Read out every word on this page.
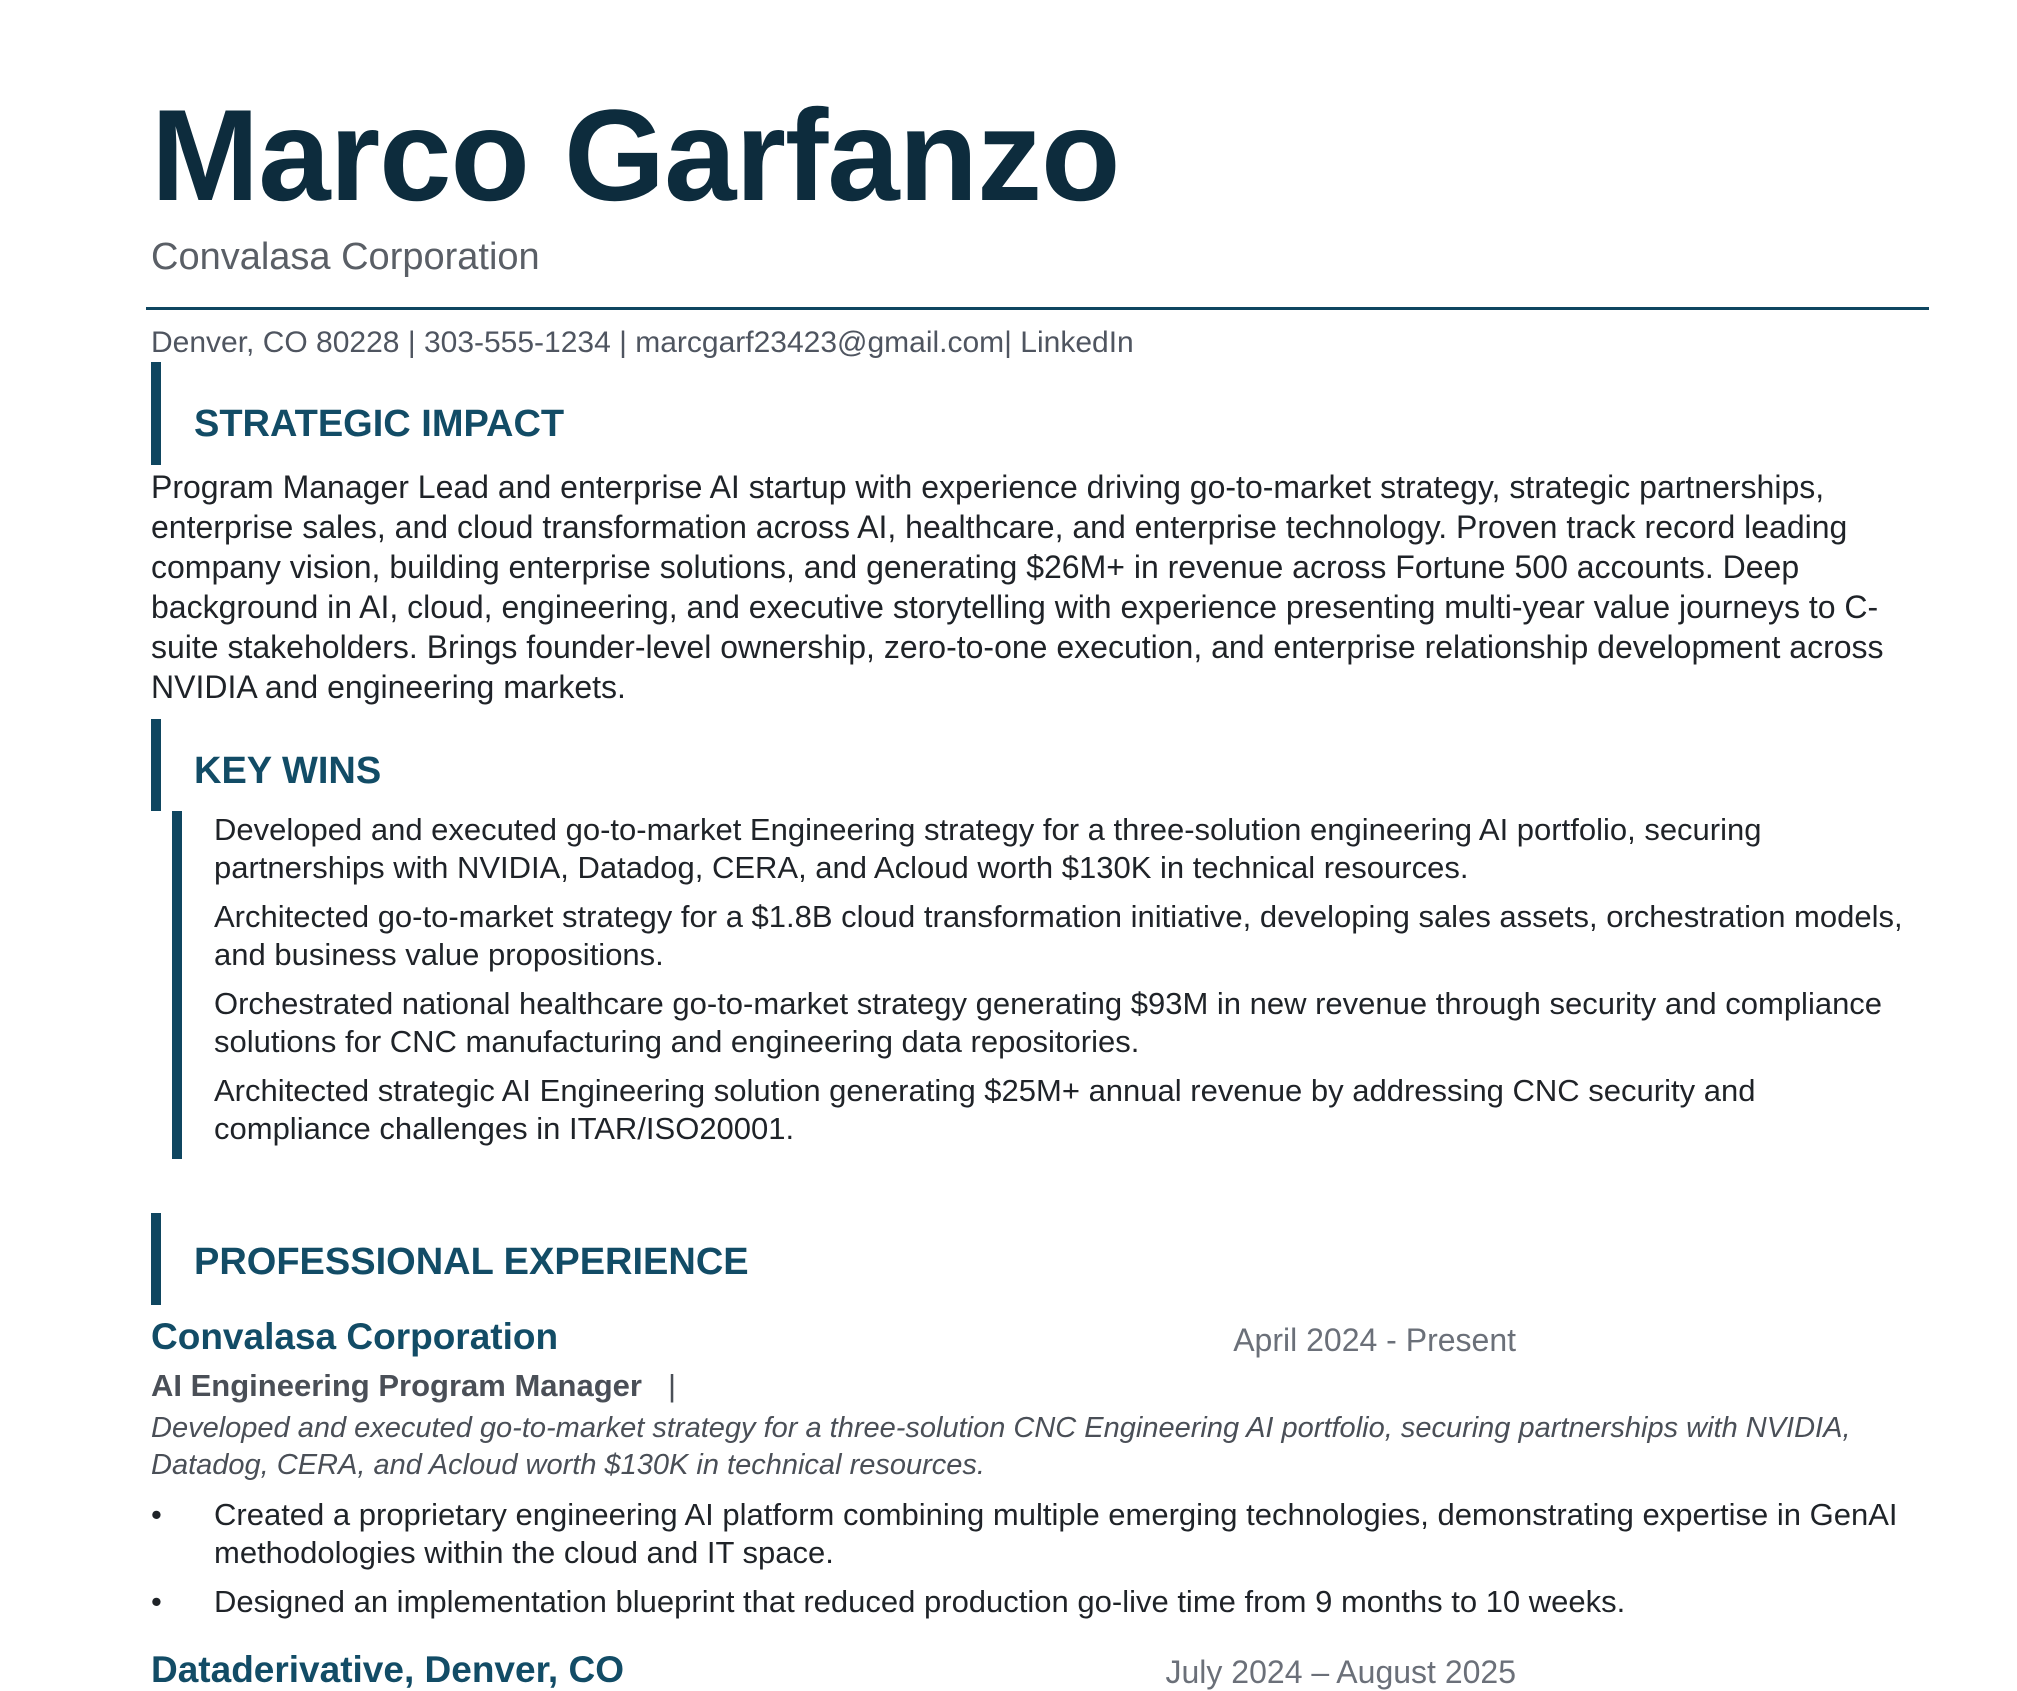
Marco Garfanzo
Convalasa Corporation
Denver, CO 80228 | 303-555-1234 | marcgarf23423@gmail.com| LinkedIn
STRATEGIC IMPACT

Program Manager Lead and enterprise AI startup with experience driving go-to-market strategy, strategic partnerships, enterprise sales, and cloud transformation across AI, healthcare, and enterprise technology. Proven track record leading company vision, building enterprise solutions, and generating $26M+ in revenue across Fortune 500 accounts. Deep background in AI, cloud, engineering, and executive storytelling with experience presenting multi-year value journeys to C-suite stakeholders. Brings founder-level ownership, zero-to-one execution, and enterprise relationship development across NVIDIA and engineering markets.

KEY WINS
Developed and executed go-to-market Engineering strategy for a three-solution engineering AI portfolio, securing partnerships with NVIDIA, Datadog, CERA, and Acloud worth $130K in technical resources.
Architected go-to-market strategy for a $1.8B cloud transformation initiative, developing sales assets, orchestration models, and business value propositions.
Orchestrated national healthcare go-to-market strategy generating $93M in new revenue through security and compliance solutions for CNC manufacturing and engineering data repositories.
Architected strategic AI Engineering solution generating $25M+ annual revenue by addressing CNC security and compliance challenges in ITAR/ISO20001.
PROFESSIONAL EXPERIENCE
Convalasa Corporation	April 2024 - Present
AI Engineering Program Manager |

Developed and executed go-to-market strategy for a three-solution CNC Engineering AI portfolio, securing partnerships with NVIDIA, Datadog, CERA, and Acloud worth $130K in technical resources.

• Created a proprietary engineering AI platform combining multiple emerging technologies, demonstrating expertise in GenAI methodologies within the cloud and IT space.
• Designed an implementation blueprint that reduced production go-live time from 9 months to 10 weeks.
Dataderivative, Denver, CO	July 2024 – August 2025
